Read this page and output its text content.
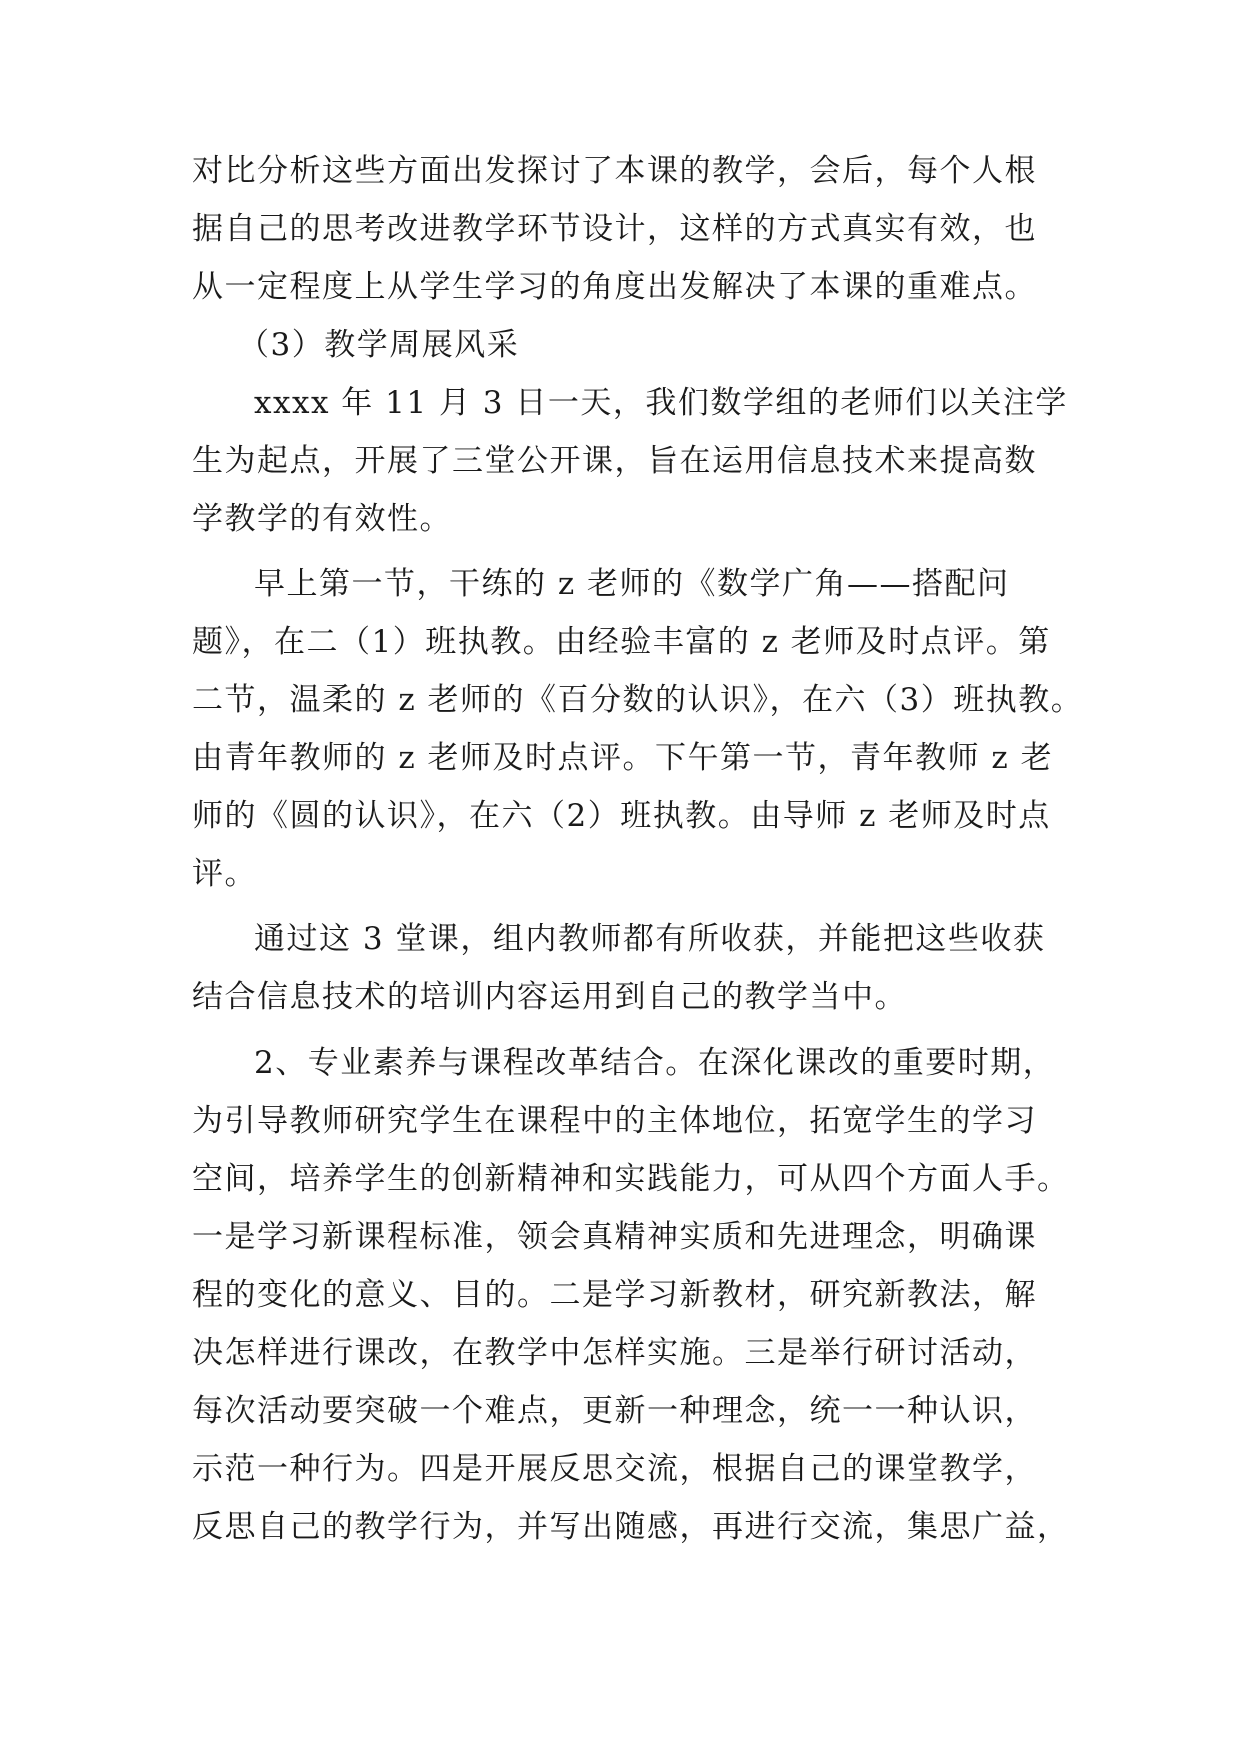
对比分析这些方面出发探讨了本课的教学，会后，每个人根

据自己的思考改进教学环节设计，这样的方式真实有效，也

从一定程度上从学生学习的角度出发解决了本课的重难点。

（3）教学周展风采

xxxx 年 11 月 3 日一天，我们数学组的老师们以关注学

生为起点，开展了三堂公开课，旨在运用信息技术来提高数

学教学的有效性。

早上第一节，干练的 z 老师的《数学广角——搭配问

题》，在二（1）班执教。由经验丰富的 z 老师及时点评。第

二节，温柔的 z 老师的《百分数的认识》，在六（3）班执教。

由青年教师的 z 老师及时点评。下午第一节，青年教师 z 老

师的《圆的认识》，在六（2）班执教。由导师 z 老师及时点

评。

通过这 3 堂课，组内教师都有所收获，并能把这些收获

结合信息技术的培训内容运用到自己的教学当中。

2、专业素养与课程改革结合。在深化课改的重要时期，

为引导教师研究学生在课程中的主体地位，拓宽学生的学习

空间，培养学生的创新精神和实践能力，可从四个方面人手。

一是学习新课程标准，领会真精神实质和先进理念，明确课

程的变化的意义、目的。二是学习新教材，研究新教法，解

决怎样进行课改，在教学中怎样实施。三是举行研讨活动，

每次活动要突破一个难点，更新一种理念，统一一种认识，

示范一种行为。四是开展反思交流，根据自己的课堂教学，

反思自己的教学行为，并写出随感，再进行交流，集思广益，
